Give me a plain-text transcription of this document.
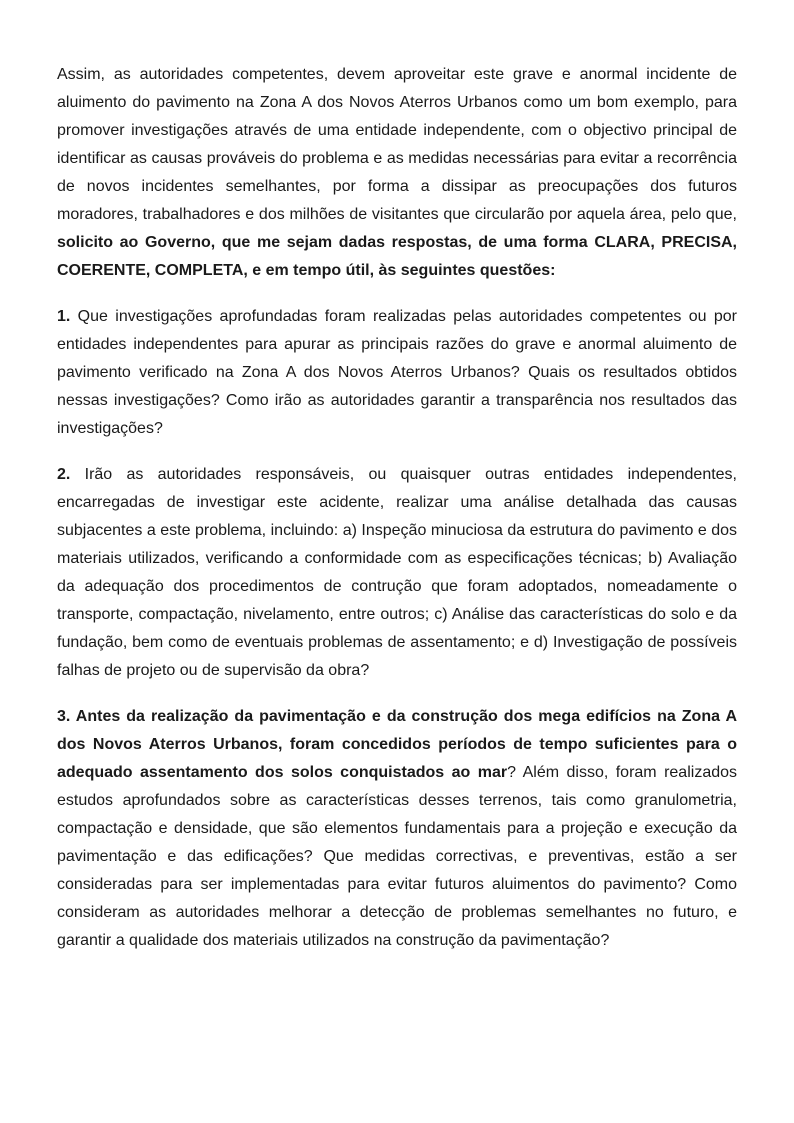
Assim, as autoridades competentes, devem aproveitar este grave e anormal incidente de aluimento do pavimento na Zona A dos Novos Aterros Urbanos como um bom exemplo, para promover investigações através de uma entidade independente, com o objectivo principal de identificar as causas prováveis do problema e as medidas necessárias para evitar a recorrência de novos incidentes semelhantes, por forma a dissipar as preocupações dos futuros moradores, trabalhadores e dos milhões de visitantes que circularão por aquela área, pelo que, solicito ao Governo, que me sejam dadas respostas, de uma forma CLARA, PRECISA, COERENTE, COMPLETA, e em tempo útil, às seguintes questões:

1. Que investigações aprofundadas foram realizadas pelas autoridades competentes ou por entidades independentes para apurar as principais razões do grave e anormal aluimento de pavimento verificado na Zona A dos Novos Aterros Urbanos? Quais os resultados obtidos nessas investigações? Como irão as autoridades garantir a transparência nos resultados das investigações?

2. Irão as autoridades responsáveis, ou quaisquer outras entidades independentes, encarregadas de investigar este acidente, realizar uma análise detalhada das causas subjacentes a este problema, incluindo: a) Inspeção minuciosa da estrutura do pavimento e dos materiais utilizados, verificando a conformidade com as especificações técnicas; b) Avaliação da adequação dos procedimentos de contrução que foram adoptados, nomeadamente o transporte, compactação, nivelamento, entre outros; c) Análise das características do solo e da fundação, bem como de eventuais problemas de assentamento; e d) Investigação de possíveis falhas de projeto ou de supervisão da obra?

3. Antes da realização da pavimentação e da construção dos mega edifícios na Zona A dos Novos Aterros Urbanos, foram concedidos períodos de tempo suficientes para o adequado assentamento dos solos conquistados ao mar? Além disso, foram realizados estudos aprofundados sobre as características desses terrenos, tais como granulometria, compactação e densidade, que são elementos fundamentais para a projeção e execução da pavimentação e das edificações? Que medidas correctivas, e preventivas, estão a ser consideradas para ser implementadas para evitar futuros aluimentos do pavimento? Como consideram as autoridades melhorar a detecção de problemas semelhantes no futuro, e garantir a qualidade dos materiais utilizados na construção da pavimentação?
